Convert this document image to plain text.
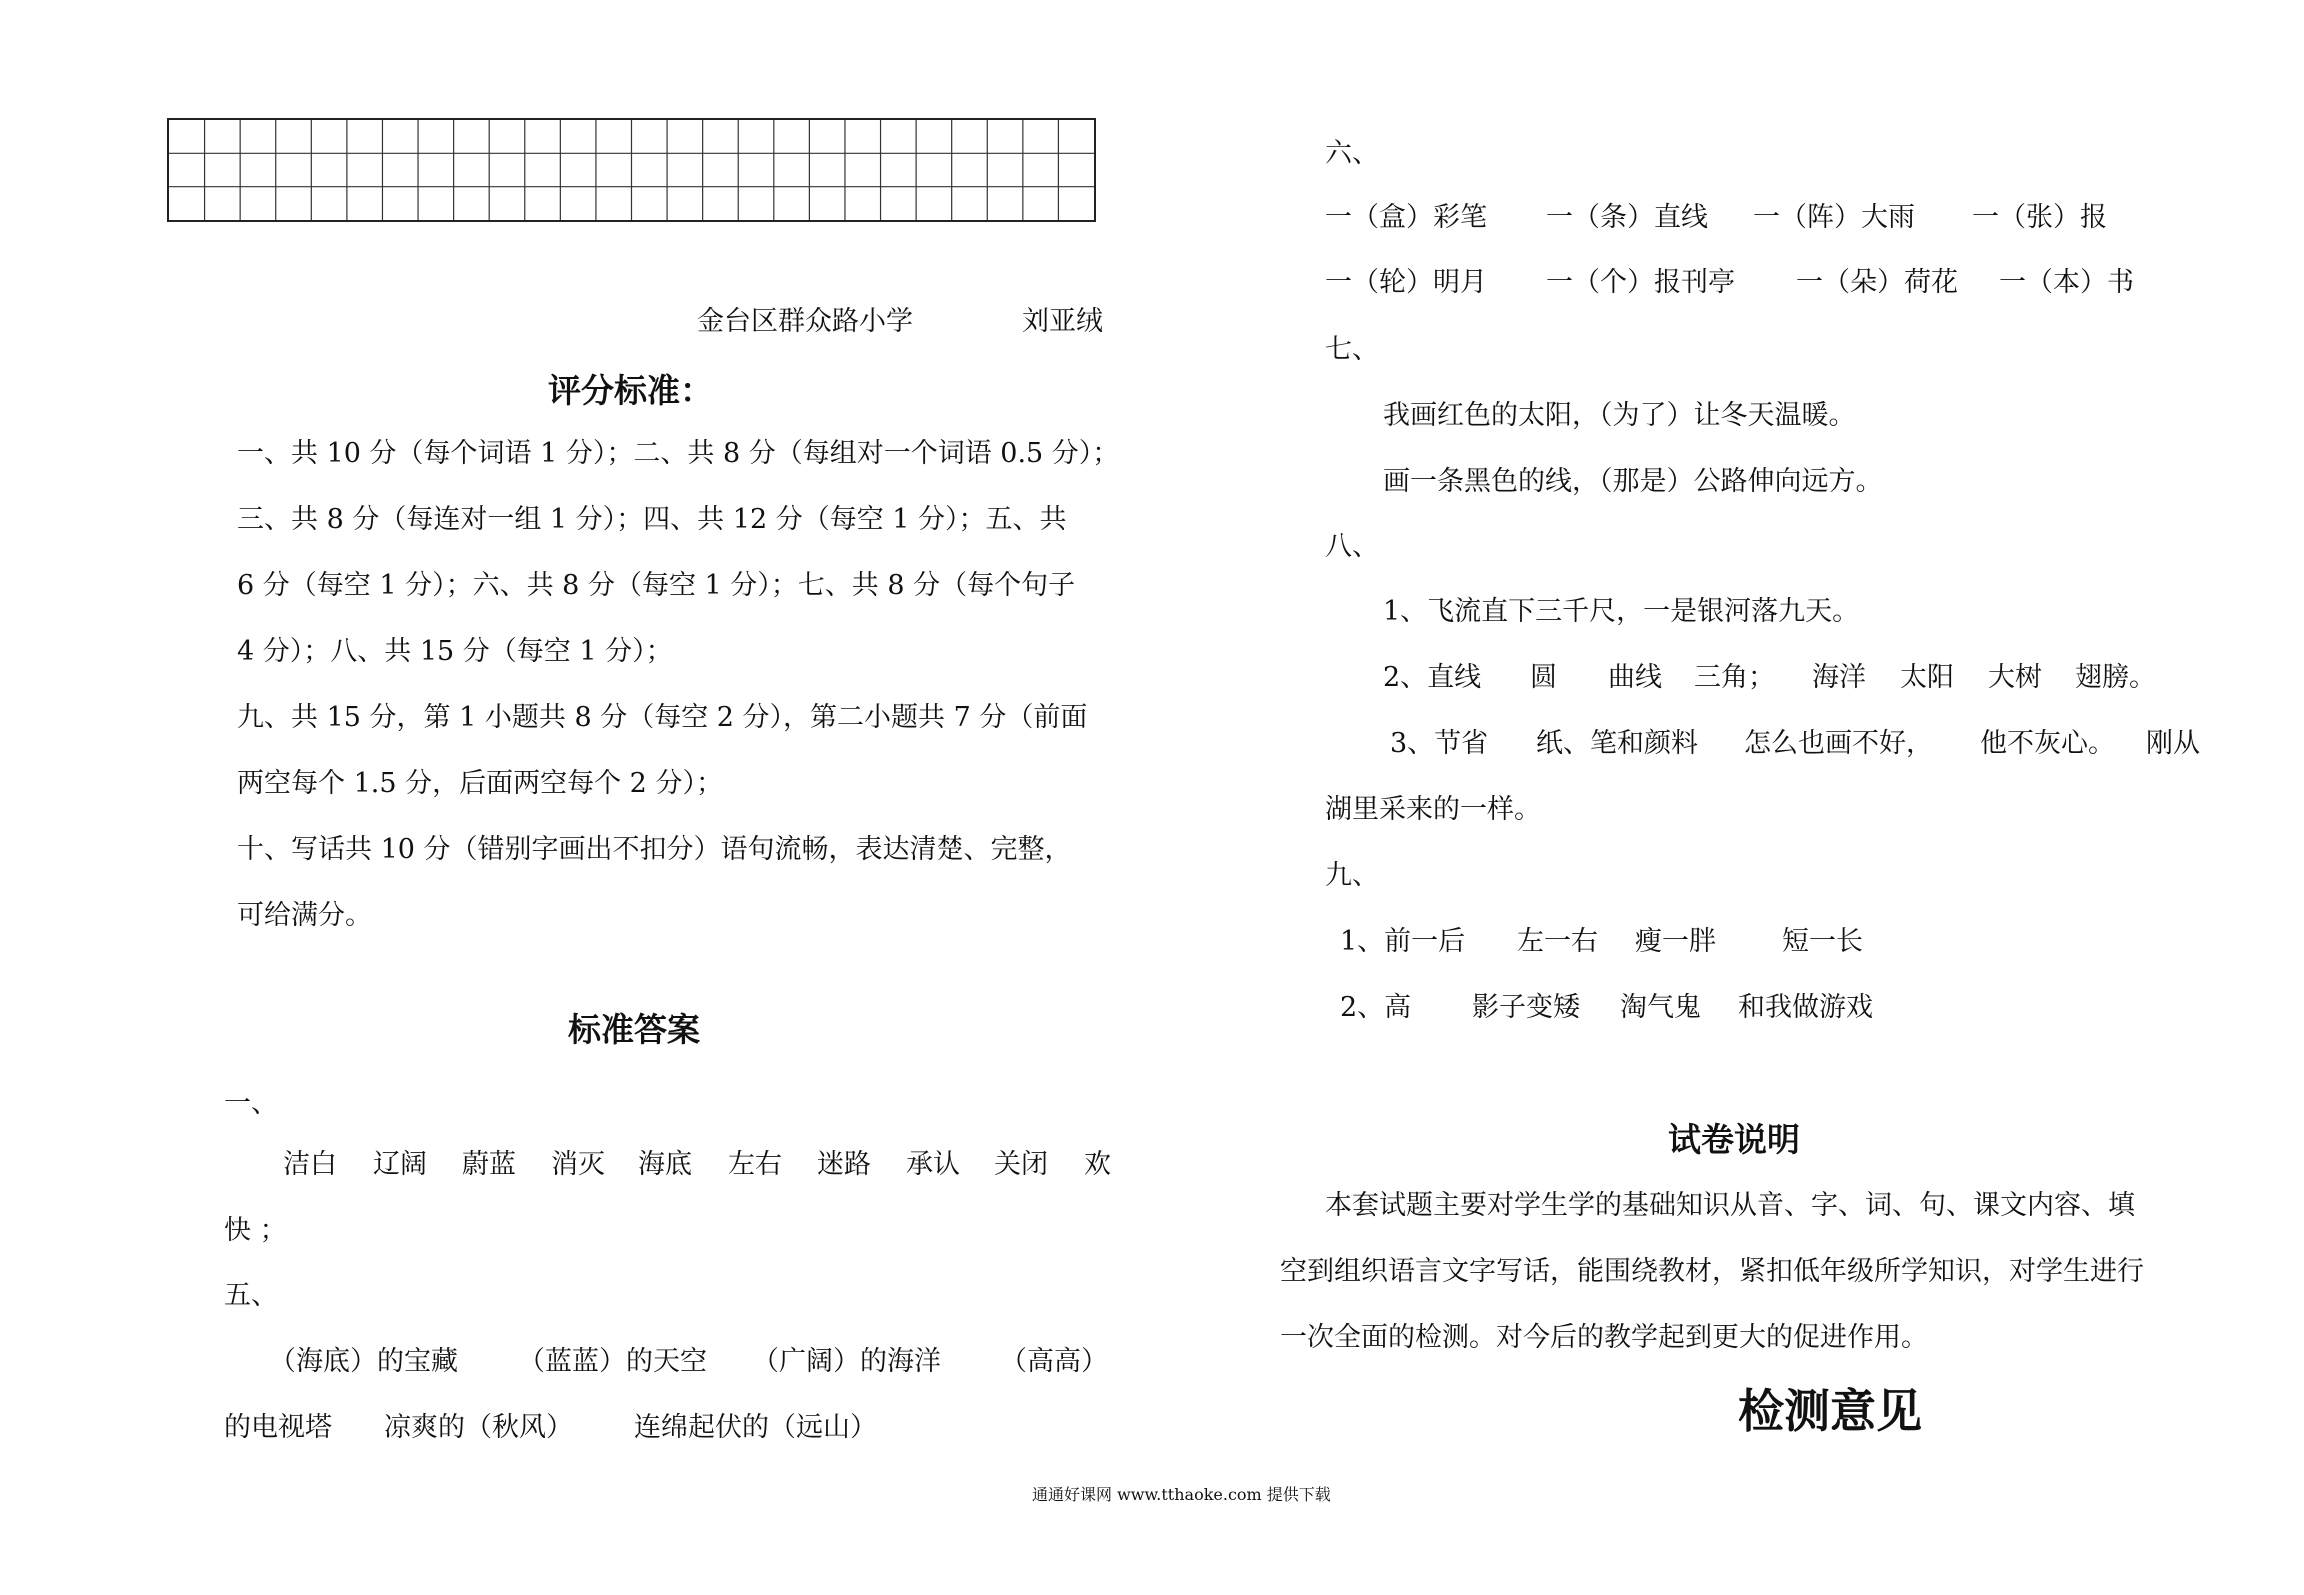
金台区群众路小学	刘亚绒
评分标准：
一、共 10 分（每个词语 1 分）；二、共 8 分（每组对一个词语 0.5 分）；
三、共 8 分（每连对一组 1 分）；四、共 12 分（每空 1 分）；五、共
6 分（每空 1 分）；六、共 8 分（每空 1 分）；七、共 8 分（每个句子
4 分）；八、共 15 分（每空 1 分）；
九、共 15 分，第 1 小题共 8 分（每空 2 分），第二小题共 7 分（前面
两空每个 1.5 分，后面两空每个 2 分）；
十、写话共 10 分（错别字画出不扣分）语句流畅，表达清楚、完整，
可给满分。
标准答案
一、
洁白 辽阔 蔚蓝 消灭 海底 左右 迷路 承认 关闭 欢
快 ；
五、
（海底）的宝藏 （蓝蓝）的天空 （广阔）的海洋 （高高）
的电视塔 凉爽的（秋风） 连绵起伏的（远山）
六、
一（盒）彩笔 一（条）直线 一（阵）大雨 一（张）报
一（轮）明月 一（个）报刊亭 一（朵）荷花 一（本）书
七、
我画红色的太阳，（为了）让冬天温暖。
画一条黑色的线，（那是）公路伸向远方。
八、
1、飞流直下三千尺，一是银河落九天。
2、直线 圆 曲线 三角； 海洋 太阳 大树 翅膀。
3、节省 纸、笔和颜料 怎么也画不好， 他不灰心。 刚从
湖里采来的一样。
九、
1、前一后 左一右 瘦一胖 短一长
2、高 影子变矮 淘气鬼 和我做游戏
试卷说明
本套试题主要对学生学的基础知识从音、字、词、句、课文内容、填
空到组织语言文字写话，能围绕教材，紧扣低年级所学知识，对学生进行
一次全面的检测。对今后的教学起到更大的促进作用。
检测意见
通通好课网 www.tthaoke.com 提供下载
